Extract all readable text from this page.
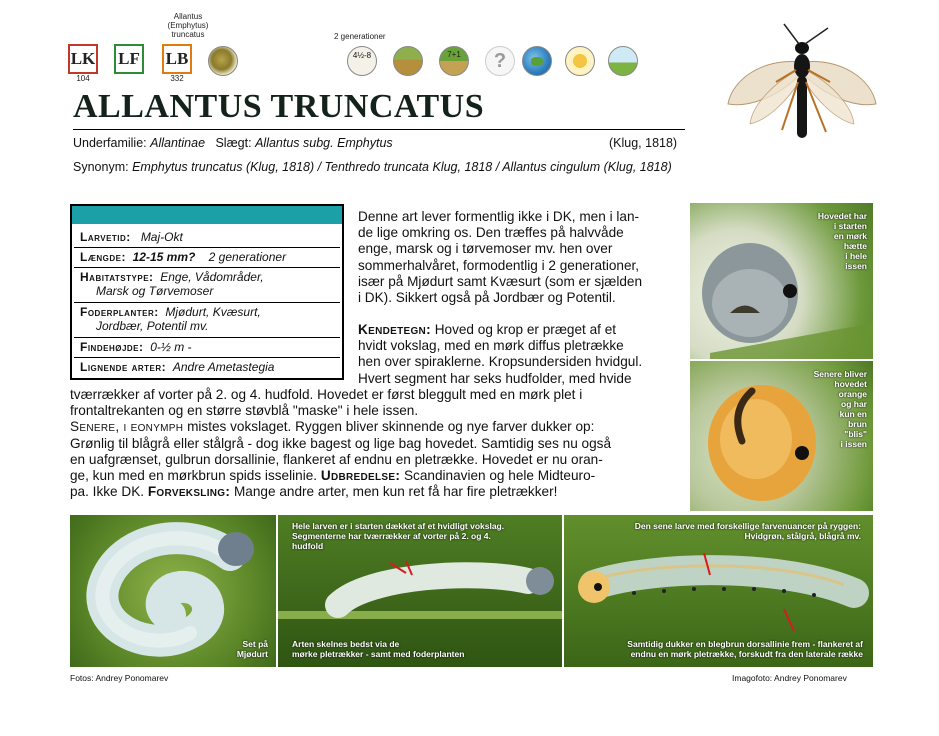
Allantus
(Emphytus)
truncatus	2 generationer
LK
104
LF LB
332
4½-8	7+1 ?
ALLANTUS TRUNCATUS
Underfamilie: Allantinae Slægt: Allantus subg. Emphytus	(Klug, 1818)
Synonym: Emphytus truncatus (Klug, 1818) / Tenthredo truncata Klug, 1818 / Allantus cingulum (Klug, 1818)
Larvetid: Maj-Okt
Længde: 12-15 mm? 2 generationer
Habitatstype: Enge, Vådområder,
Marsk og Tørvemoser
Foderplanter: Mjødurt, Kvæsurt,
Jordbær, Potentil mv.
Findehøjde: 0-½ m -
Lignende arter: Andre Ametastegia
Denne art lever formentlig ikke i DK, men i lan-
de lige omkring os. Den træffes på halvvåde
enge, marsk og i tørvemoser mv. hen over
sommerhalvåret, formodentlig i 2 generationer,
især på Mjødurt samt Kvæsurt (som er sjælden
i DK). Sikkert også på Jordbær og Potentil.
Kendetegn: Hoved og krop er præget af et
hvidt vokslag, med en mørk diffus pletrække
hen over spiraklerne. Kropsundersiden hvidgul.
Hvert segment har seks hudfolder, med hvide
tværrækker af vorter på 2. og 4. hudfold. Hovedet er først bleggult med en mørk plet i
frontaltrekanten og en større støvblå "maske" i hele issen.
Senere, i eonymph mistes vokslaget. Ryggen bliver skinnende og nye farver dukker op:
Grønlig til blågrå eller stålgrå - dog ikke bagest og lige bag hovedet. Samtidig ses nu også
en uafgrænset, gulbrun dorsallinie, flankeret af endnu en pletrække. Hovedet er nu oran-
ge, kun med en mørkbrun spids isselinie. Udbredelse: Scandinavien og hele Midteuro-
pa. Ikke DK. Forveksling: Mange andre arter, men kun ret få har fire pletrækker!
Hovedet har
i starten
en mørk
hætte
i hele
issen
Senere bliver
hovedet
orange
og har
kun en
brun
"blis"
i issen
Set på
Mjødurt
Hele larven er i starten dækket af et hvidligt vokslag.
Segmenterne har tværrækker af vorter på 2. og 4.
hudfold
Arten skelnes bedst via de
mørke pletrækker - samt med foderplanten
Den sene larve med forskellige farvenuancer på ryggen:
Hvidgrøn, stålgrå, blågrå mv.
Samtidig dukker en blegbrun dorsallinie frem - flankeret af
endnu en mørk pletrække, forskudt fra den laterale række
Fotos: Andrey Ponomarev	Imagofoto: Andrey Ponomarev
